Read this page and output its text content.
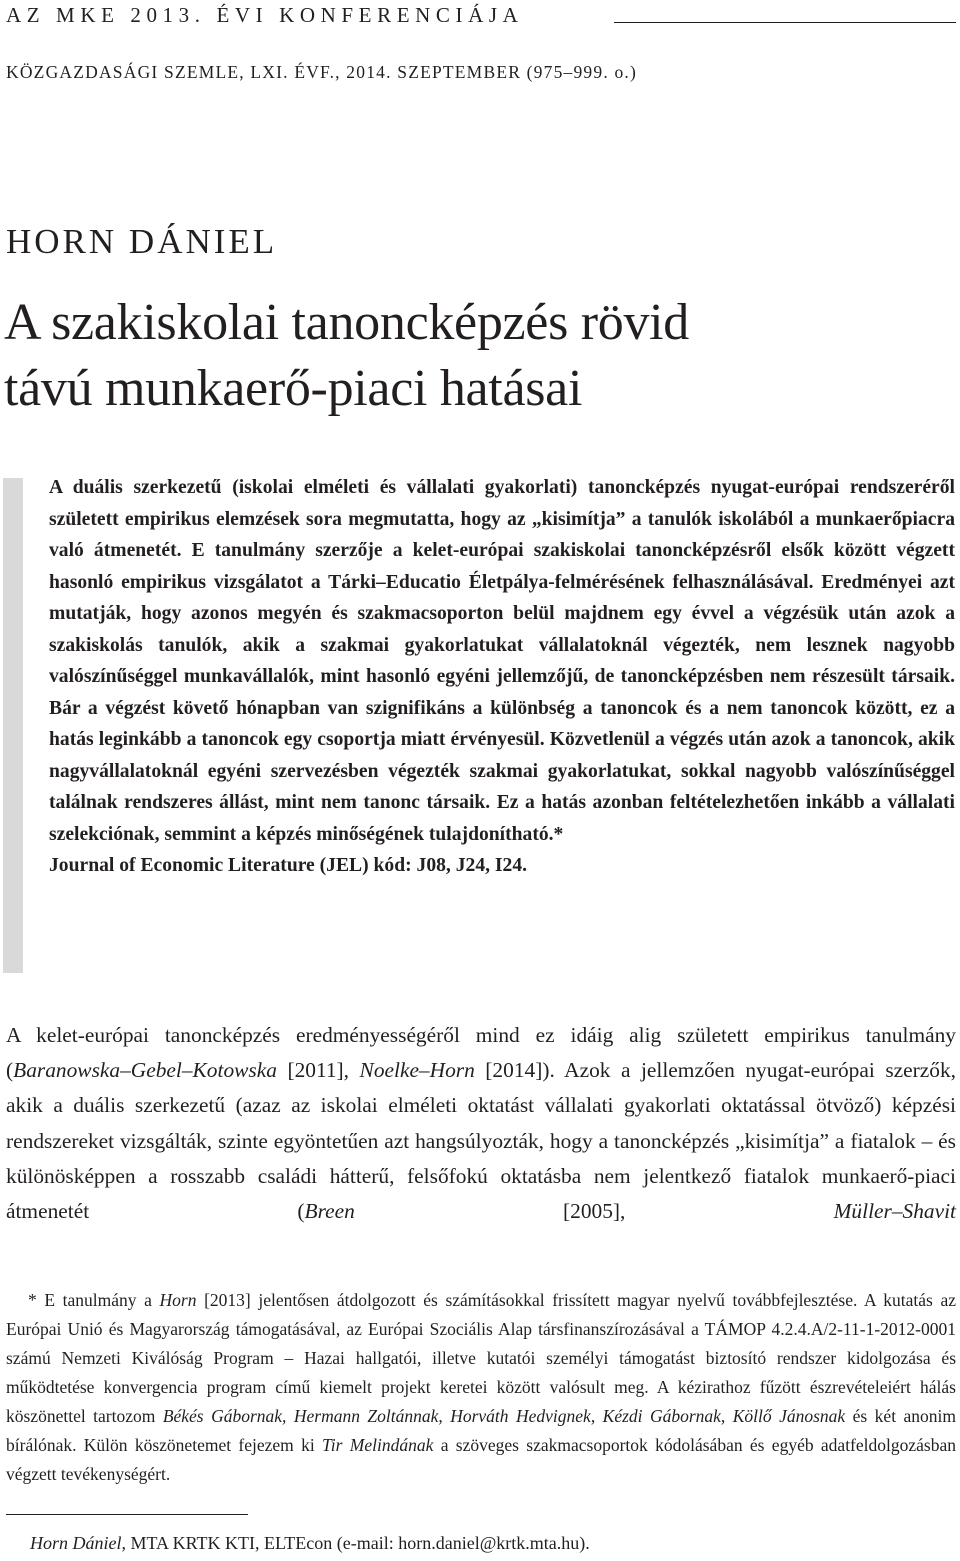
AZ MKE 2013. ÉVI KONFERENCIÁJA
KÖZGAZDASÁGI SZEMLE, LXI. ÉVF., 2014. SZEPTEMBER (975–999. o.)
HORN DÁNIEL
A szakiskolai tanoncképzés rövid
távú munkaerő-piaci hatásai

A duális szerkezetű (iskolai elméleti és vállalati gyakorlati) tanoncképzés nyugat-európai rendszeréről született empirikus elemzések sora megmutatta, hogy az „kisimítja” a tanulók iskolából a munkaerőpiacra való átmenetét. E tanulmány szerzője a kelet-európai szakiskolai tanoncképzésről elsők között végzett hasonló empirikus vizsgálatot a Tárki–Educatio Életpálya-felmérésének felhasználásával. Eredményei azt mutatják, hogy azonos megyén és szakmacsoporton belül majdnem egy évvel a végzésük után azok a szakiskolás tanulók, akik a szakmai gyakorlatukat vállalatoknál végezték, nem lesznek nagyobb valószínűséggel munkavállalók, mint hasonló egyéni jellemzőjű, de tanoncképzésben nem részesült társaik. Bár a végzést követő hónapban van szignifikáns a különbség a tanoncok és a nem tanoncok között, ez a hatás leginkább a tanoncok egy csoportja miatt érvényesül. Közvetlenül a végzés után azok a tanoncok, akik nagyvállalatoknál egyéni szervezésben végezték szakmai gyakorlatukat, sokkal nagyobb valószínűséggel találnak rendszeres állást, mint nem tanonc társaik. Ez a hatás azonban feltételezhetően inkább a vállalati szelekciónak, semmint a képzés minőségének tulajdonítható.*

Journal of Economic Literature (JEL) kód: J08, J24, I24.

A kelet-európai tanoncképzés eredményességéről mind ez idáig alig született empirikus tanulmány (Baranowska–Gebel–Kotowska [2011], Noelke–Horn [2014]). Azok a jellemzően nyugat-európai szerzők, akik a duális szerkezetű (azaz az iskolai elméleti oktatást vállalati gyakorlati oktatással ötvöző) képzési rendszereket vizsgálták, szinte egyöntetűen azt hangsúlyozták, hogy a tanoncképzés „kisimítja” a fiatalok – és különösképpen a rosszabb családi hátterű, felsőfokú oktatásba nem jelentkező fiatalok munkaerő-piaci átmenetét (Breen [2005], Müller–Shavit

* E tanulmány a Horn [2013] jelentősen átdolgozott és számításokkal frissített magyar nyelvű továbbfejlesztése. A kutatás az Európai Unió és Magyarország támogatásával, az Európai Szociális Alap társfinanszírozásával a TÁMOP 4.2.4.A/2-11-1-2012-0001 számú Nemzeti Kiválóság Program – Hazai hallgatói, illetve kutatói személyi támogatást biztosító rendszer kidolgozása és működtetése konvergencia program című kiemelt projekt keretei között valósult meg. A kézirathoz fűzött észrevételeiért hálás köszönettel tartozom Békés Gábornak, Hermann Zoltánnak, Horváth Hedvignek, Kézdi Gábornak, Köllő Jánosnak és két anonim bírálónak. Külön köszönetemet fejezem ki Tir Melindának a szöveges szakmacsoportok kódolásában és egyéb adatfeldolgozásban végzett tevékenységért.

Horn Dániel, MTA KRTK KTI, ELTEcon (e-mail: horn.daniel@krtk.mta.hu).
